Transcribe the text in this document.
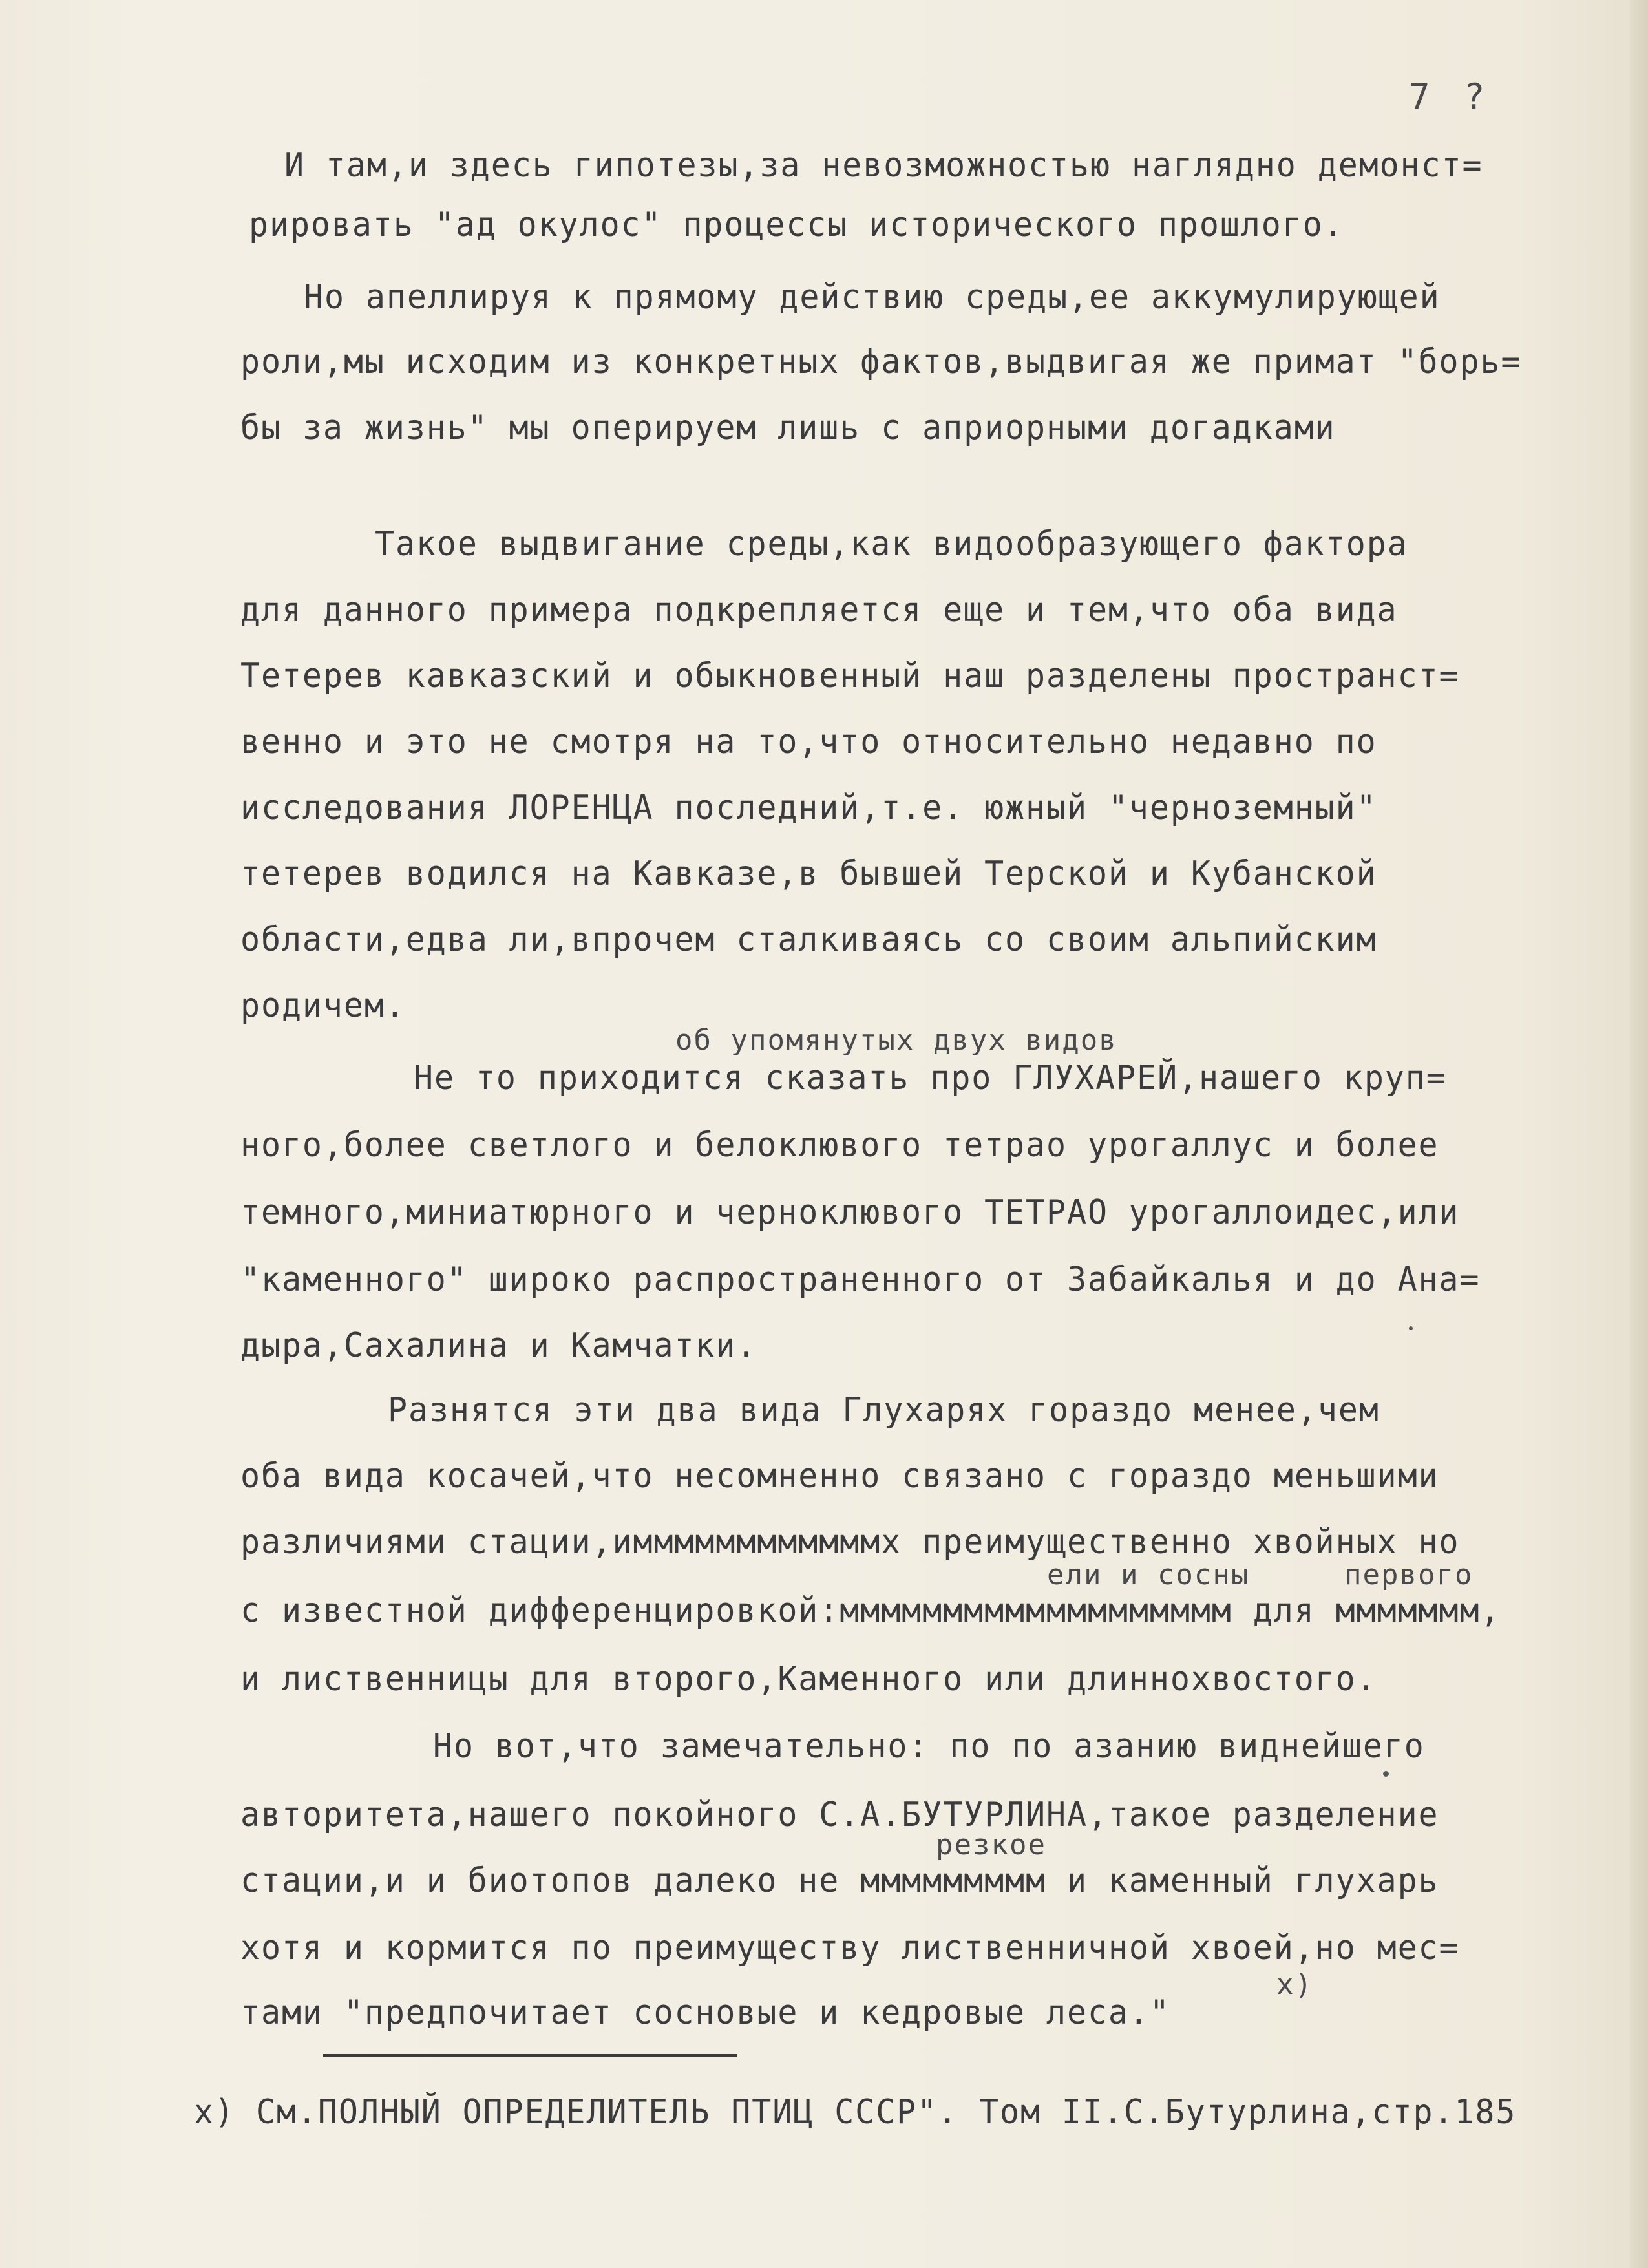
7 ?
И там,и здесь гипотезы,за невозможностью наглядно демонст=
рировать "ад окулос" процессы исторического прошлого.
Но апеллируя к прямому действию среды,ее аккумулирующей
роли,мы исходим из конкретных фактов,выдвигая же примат "борь=
бы за жизнь" мы оперируем лишь с априорными догадками
Такое выдвигание среды,как видообразующего фактора
для данного примера подкрепляется еще и тем,что оба вида
Тетерев кавказский и обыкновенный наш разделены пространст=
венно и это не смотря на то,что относительно недавно по
исследования ЛОРЕНЦА последний,т.е. южный "черноземный"
тетерев водился на Кавказе,в бывшей Терской и Кубанской
области,едва ли,впрочем сталкиваясь со своим альпийским
родичем.
об упомянутых двух видов
Не то приходится сказать про ГЛУХАРЕЙ,нашего круп=
ного,более светлого и белоклювого тетрао урогаллус и более
темного,миниатюрного и черноклювого ТЕТРАО урогаллоидес,или
"каменного" широко распространенного от Забайкалья и до Ана=
дыра,Сахалина и Камчатки.
Разнятся эти два вида Глухарях гораздо менее,чем
оба вида косачей,что несомненно связано с гораздо меньшими
различиями стации,иммммммммммммх преимущественно хвойных но
ели и сосны	первого
с известной дифференцировкой:ммммммммммммммммммм для ммммммм,
и лиственницы для второго,Каменного или длиннохвостого.
Но вот,что замечательно: по по азанию виднейшего
авторитета,нашего покойного С.А.БУТУРЛИНА,такое разделение
резкое
стации,и и биотопов далеко не ммммммммм и каменный глухарь
хотя и кормится по преимуществу лиственничной хвоей,но мес=
х)
тами "предпочитает сосновые и кедровые леса."
х) См.ПОЛНЫЙ ОПРЕДЕЛИТЕЛЬ ПТИЦ СССР". Том II.С.Бутурлина,стр.185
